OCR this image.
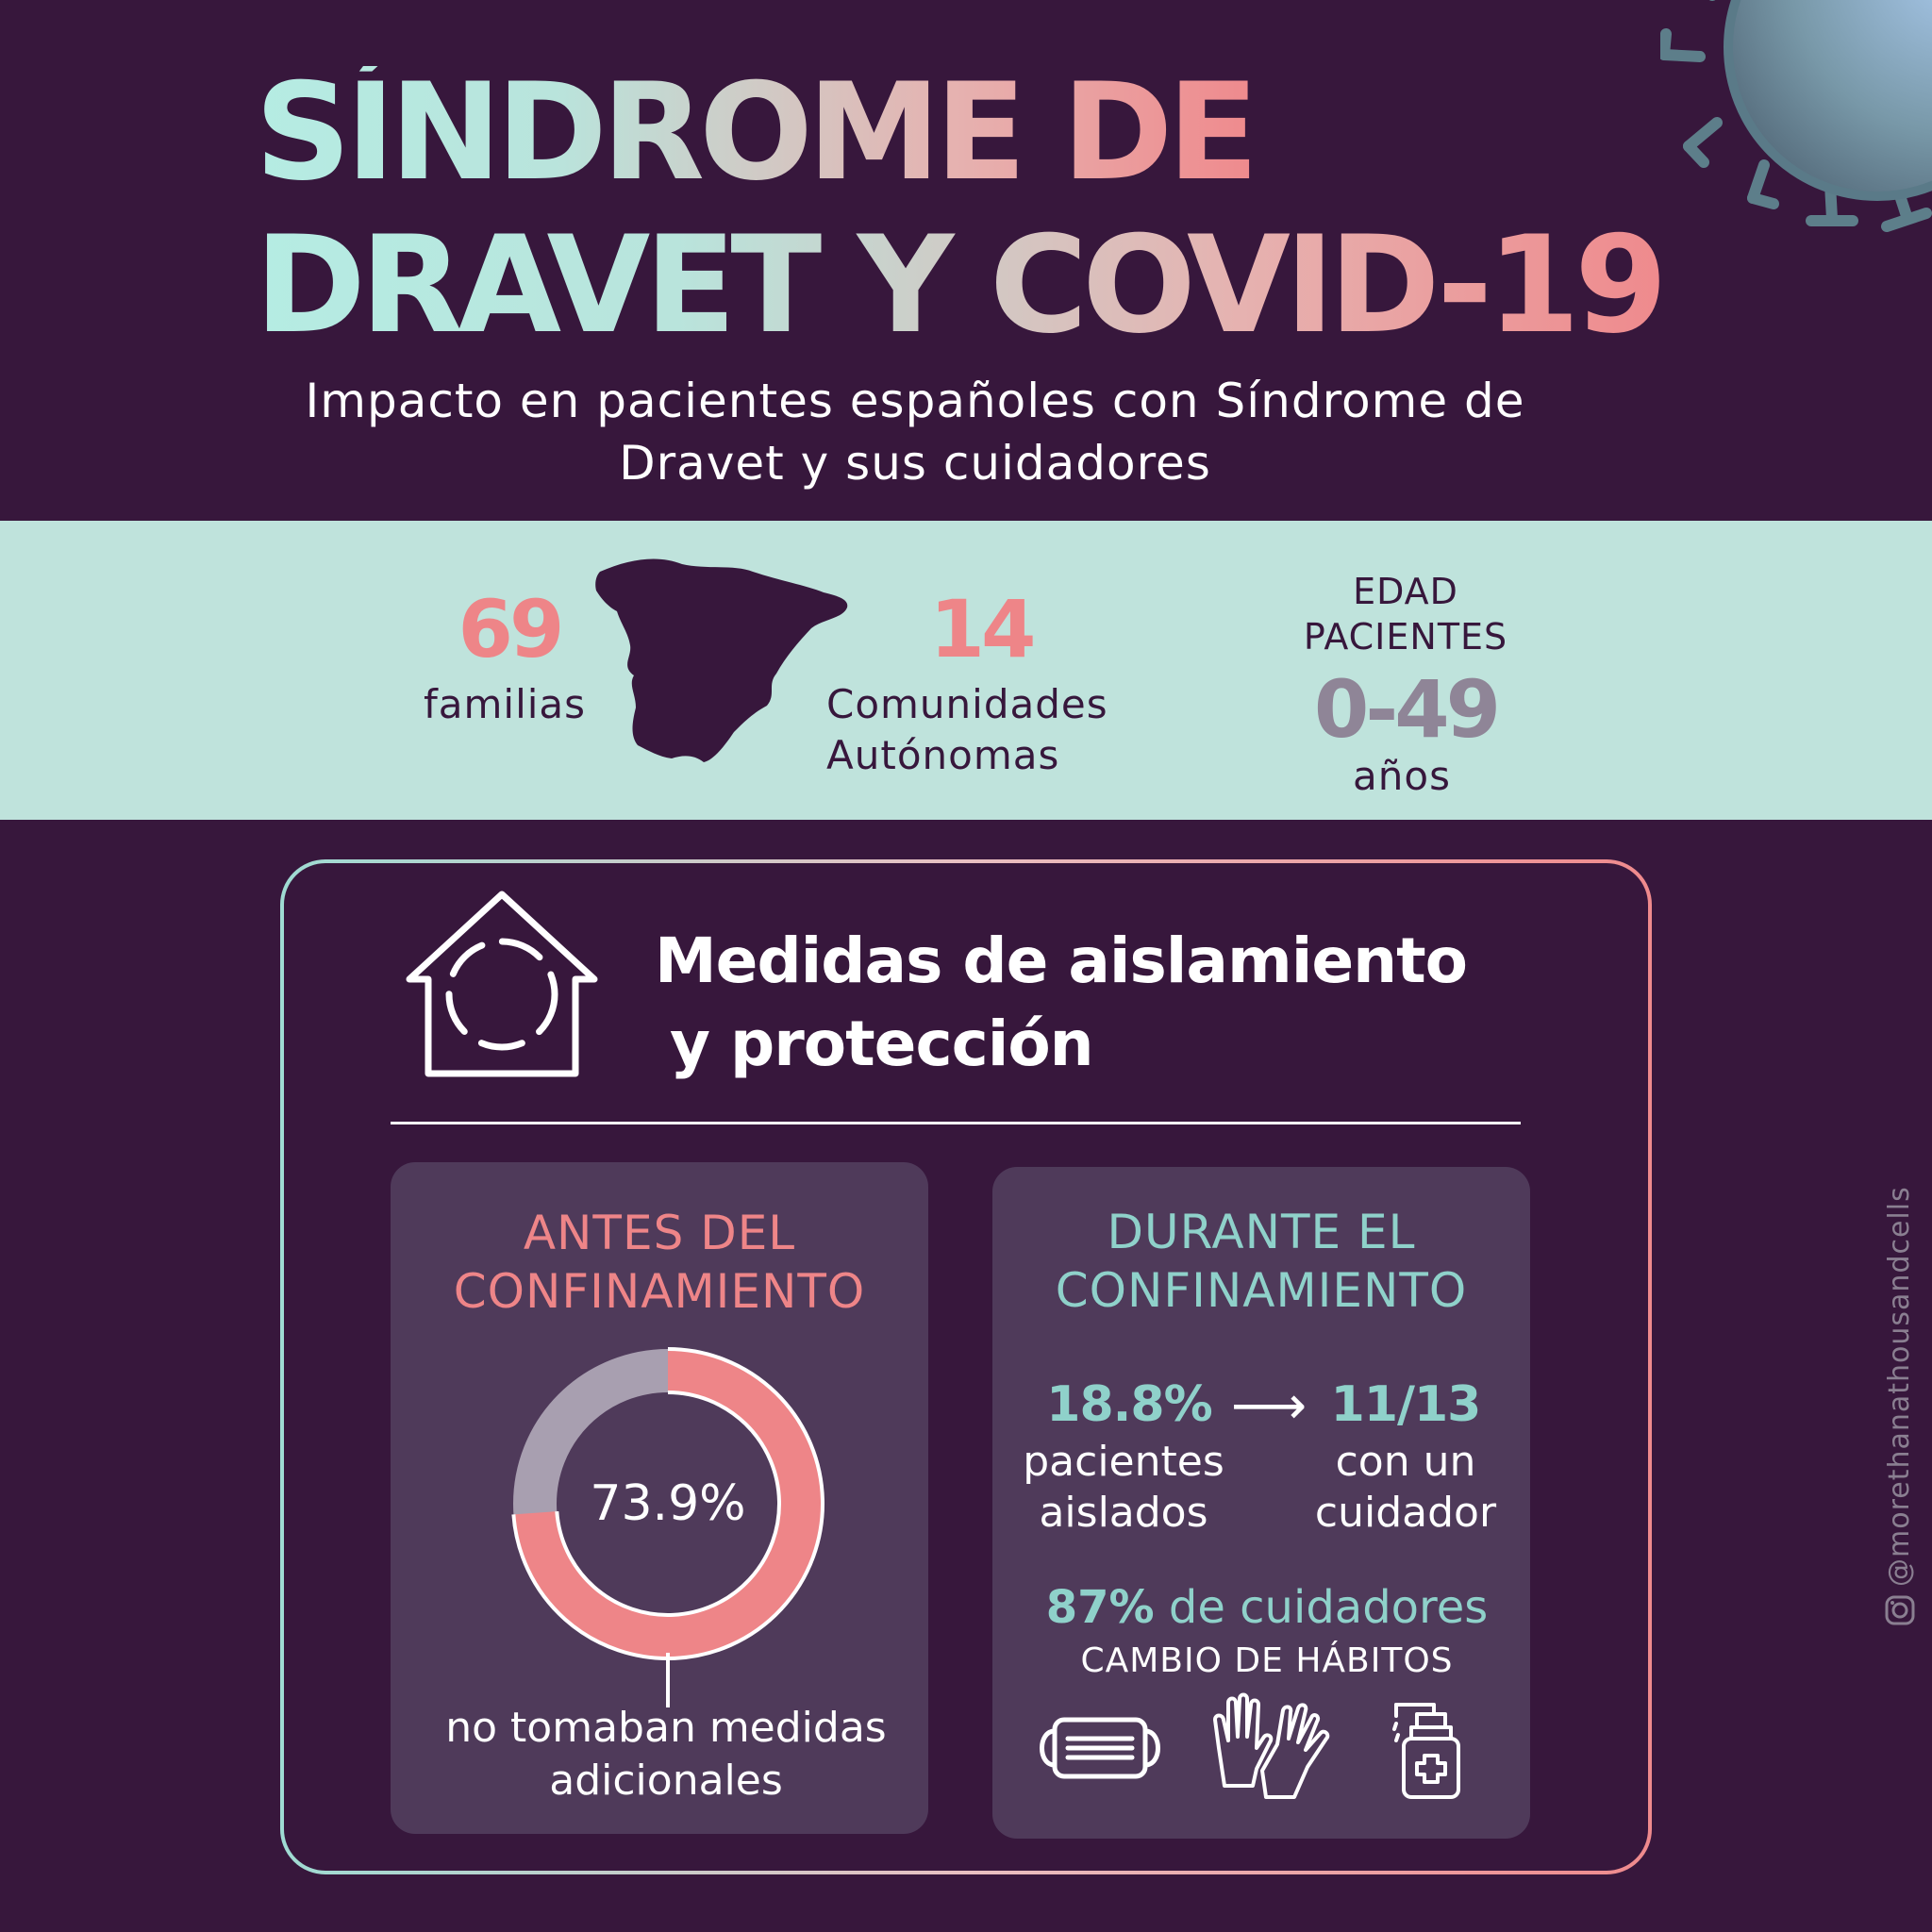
SÍNDROME DE
DRAVET Y COVID-19
Impacto en pacientes españoles con Síndrome de
Dravet y sus cuidadores
69
familias
14
Comunidades
Autónomas
EDAD
PACIENTES
0-49
años
Medidas de aislamiento
y protección
ANTES DEL
CONFINAMIENTO
73.9%
no tomaban medidas
adicionales
DURANTE EL
CONFINAMIENTO
18.8%
pacientes
aislados
⟶ 11/13
con un
cuidador
87% de cuidadores
CAMBIO DE HÁBITOS
@morethanathousandcells
